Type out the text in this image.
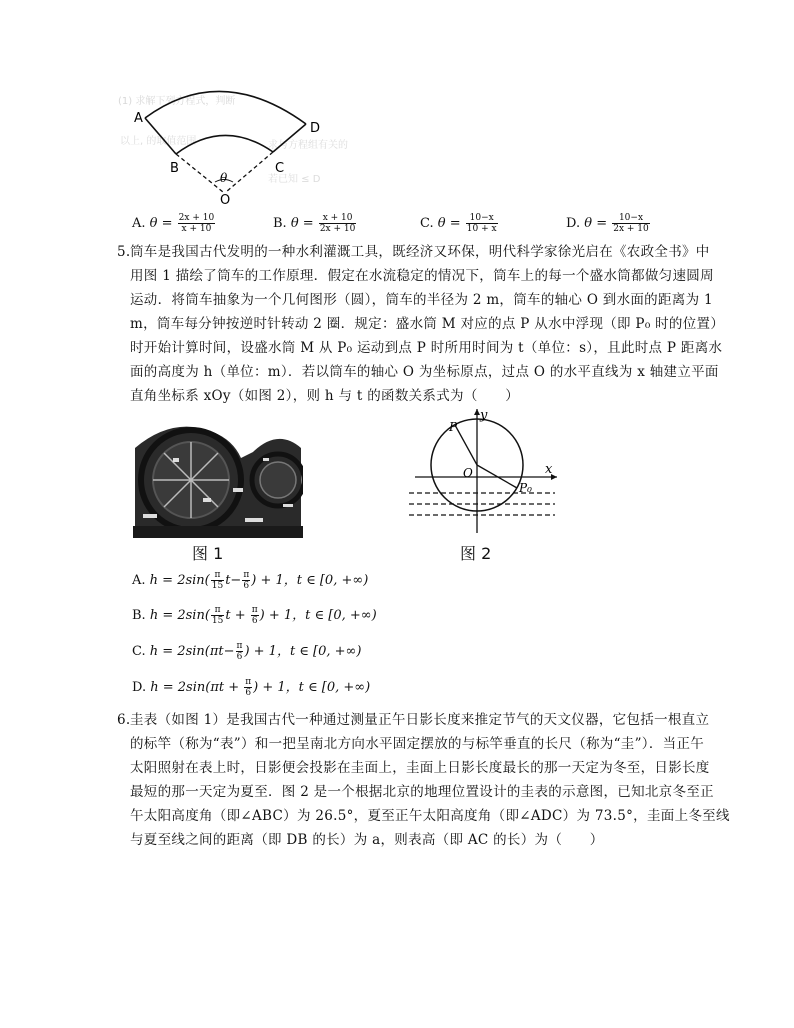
(1) 求解下列方程式，判断
以上, 的取值范围	求与方程组有关的
若已知 ≤ D
A
B	C
D
O
θ
A. $\theta = \frac{2x + 10}{x + 10}$	B. $\theta = \frac{x + 10}{2x + 10}$	C. $\theta = \frac{10-x}{10 + x}$	D. $\theta = \frac{10-x}{2x + 10}$
5. 筒车是我国古代发明的一种水利灌溉工具，既经济又环保，明代科学家徐光启在《农政全书》中
用图 1 描绘了筒车的工作原理．假定在水流稳定的情况下，筒车上的每一个盛水筒都做匀速圆周
运动．将筒车抽象为一个几何图形（圆），筒车的半径为 2 m，筒车的轴心 O 到水面的距离为 1
m，筒车每分钟按逆时针转动 2 圈．规定：盛水筒 M 对应的点 P 从水中浮现（即 P₀ 时的位置）
时开始计算时间，设盛水筒 M 从 P₀ 运动到点 P 时所用时间为 t（单位：s），且此时点 P 距离水
面的高度为 h（单位：m）．若以筒车的轴心 O 为坐标原点，过点 O 的水平直线为 x 轴建立平面
直角坐标系 xOy（如图 2），则 h 与 t 的函数关系式为（　　）
图 1
y
x
O
P
P₀
图 2
A. $h = 2\sin( \frac{\pi}{15} t- \frac{\pi}{6}$ ) + 1，t ∈ [0, +∞)
B. $h = 2\sin( \frac{\pi}{15}$ $t + \frac{\pi}{6}$ ) + 1，t ∈ [0, +∞)
C. $h = 2\sin(\pi t- \frac{\pi}{6}$ ) + 1，t ∈ [0, +∞)
D. $h = 2\sin(\pi t + \frac{\pi}{6}$ ) + 1，t ∈ [0, +∞)
6. 圭表（如图 1）是我国古代一种通过测量正午日影长度来推定节气的天文仪器，它包括一根直立
的标竿（称为“表”）和一把呈南北方向水平固定摆放的与标竿垂直的长尺（称为“圭”）．当正午
太阳照射在表上时，日影便会投影在圭面上，圭面上日影长度最长的那一天定为冬至，日影长度
最短的那一天定为夏至．图 2 是一个根据北京的地理位置设计的圭表的示意图，已知北京冬至正
午太阳高度角（即∠ABC）为 26.5°，夏至正午太阳高度角（即∠ADC）为 73.5°，圭面上冬至线
与夏至线之间的距离（即 DB 的长）为 a，则表高（即 AC 的长）为（　　）
